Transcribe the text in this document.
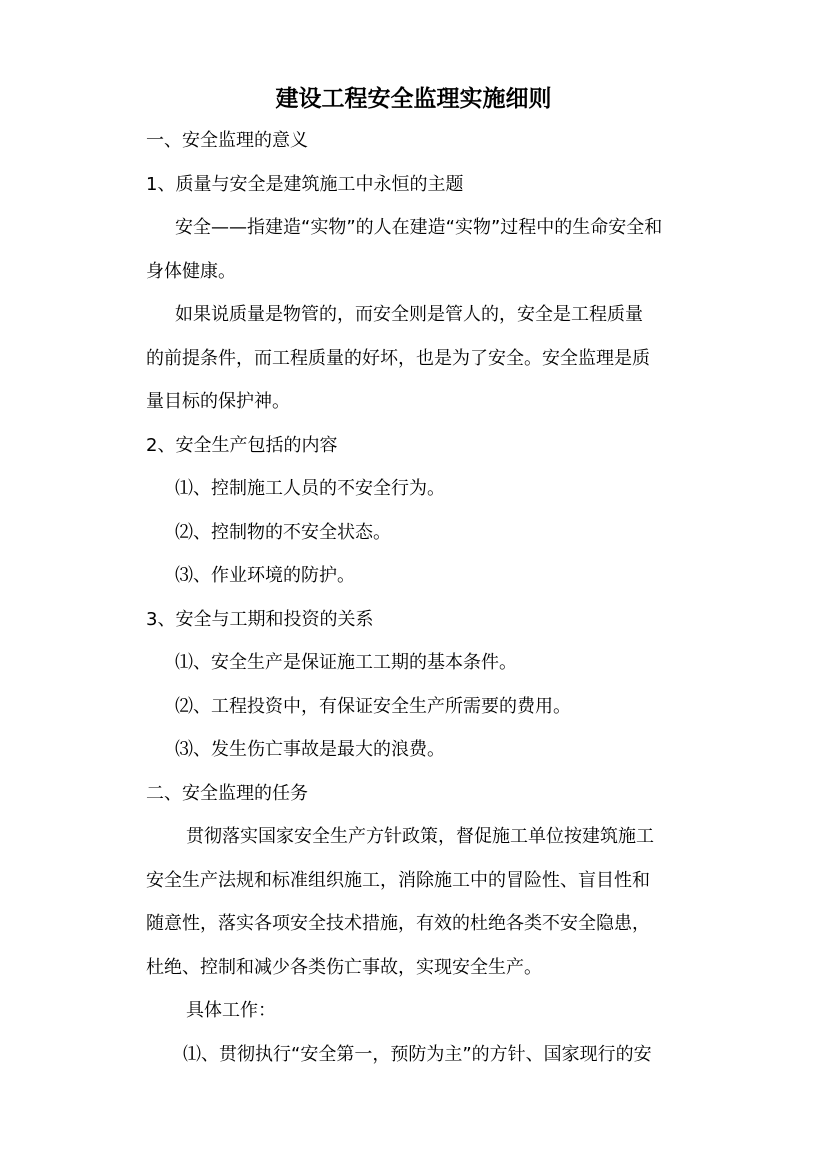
建设工程安全监理实施细则
一、安全监理的意义
1、质量与安全是建筑施工中永恒的主题
安全——指建造“实物”的人在建造“实物”过程中的生命安全和
身体健康。
如果说质量是物管的，而安全则是管人的，安全是工程质量
的前提条件，而工程质量的好坏，也是为了安全。安全监理是质
量目标的保护神。
2、安全生产包括的内容
⑴、控制施工人员的不安全行为。
⑵、控制物的不安全状态。
⑶、作业环境的防护。
3、安全与工期和投资的关系
⑴、安全生产是保证施工工期的基本条件。
⑵、工程投资中，有保证安全生产所需要的费用。
⑶、发生伤亡事故是最大的浪费。
二、安全监理的任务
贯彻落实国家安全生产方针政策，督促施工单位按建筑施工
安全生产法规和标准组织施工，消除施工中的冒险性、盲目性和
随意性，落实各项安全技术措施，有效的杜绝各类不安全隐患，
杜绝、控制和减少各类伤亡事故，实现安全生产。
具体工作：
⑴、贯彻执行“安全第一，预防为主”的方针、国家现行的安
